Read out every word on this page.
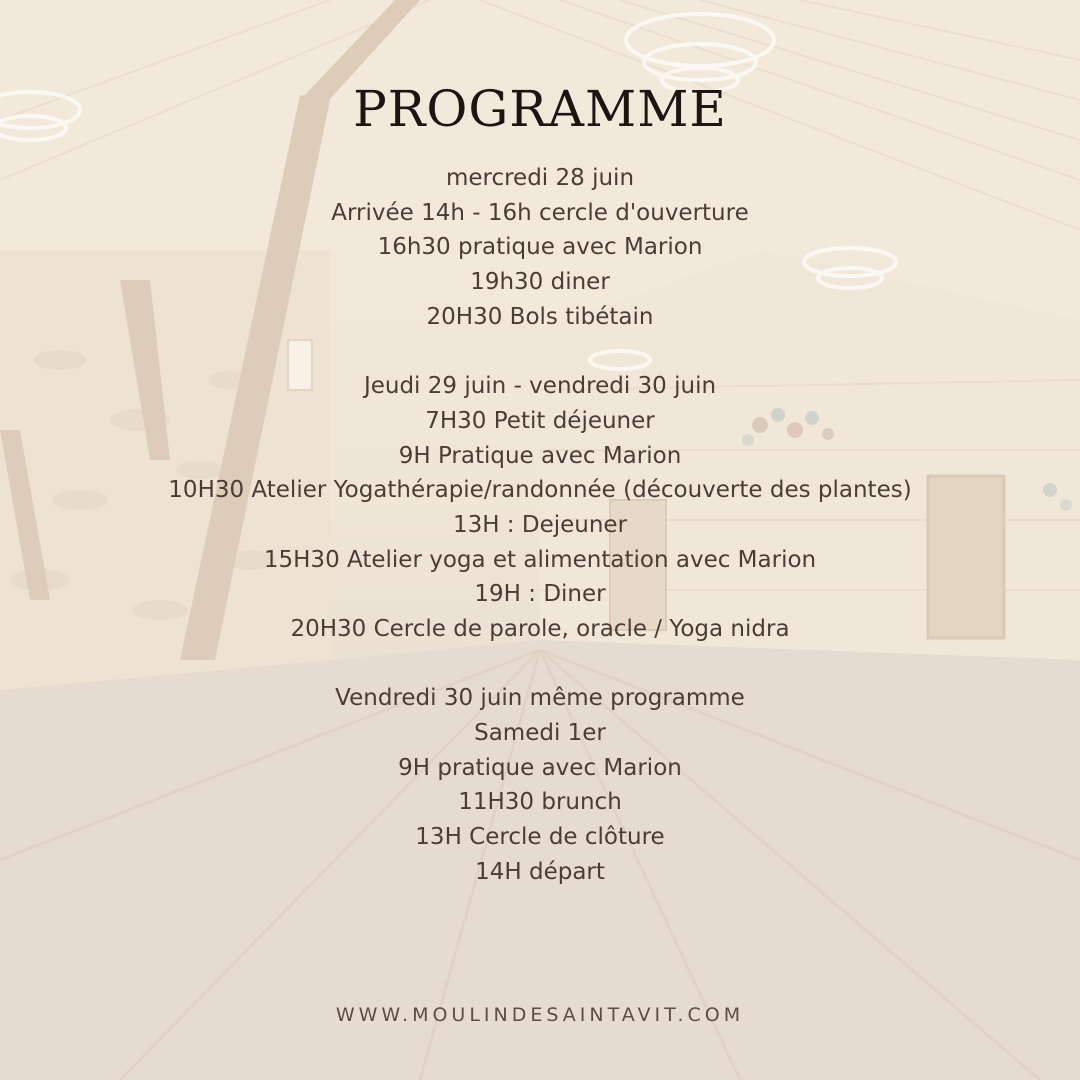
PROGRAMME
mercredi 28 juin
Arrivée 14h - 16h cercle d'ouverture
16h30 pratique avec Marion
19h30 diner
20H30 Bols tibétain
Jeudi 29 juin - vendredi 30 juin
7H30 Petit déjeuner
9H Pratique avec Marion
10H30 Atelier Yogathérapie/randonnée (découverte des plantes)
13H : Dejeuner
15H30 Atelier yoga et alimentation avec Marion
19H : Diner
20H30 Cercle de parole, oracle / Yoga nidra
Vendredi 30 juin même programme
Samedi 1er
9H pratique avec Marion
11H30 brunch
13H Cercle de clôture
14H départ
WWW.MOULINDESAINTAVIT.COM
